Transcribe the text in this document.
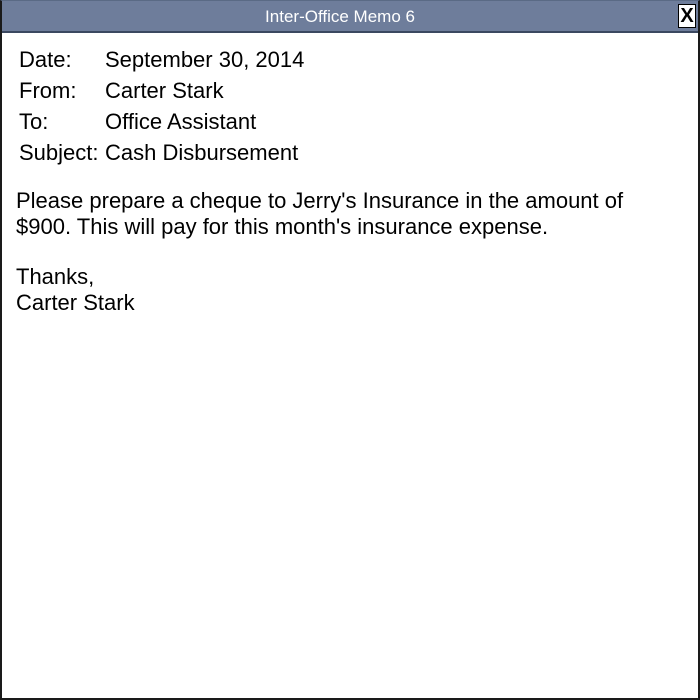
Inter-Office Memo 6	X
Date:	September 30, 2014
From:	Carter Stark
To:	Office Assistant
Subject:	Cash Disbursement

Please prepare a cheque to Jerry's Insurance in the amount of
$900. This will pay for this month's insurance expense.

Thanks,
Carter Stark
